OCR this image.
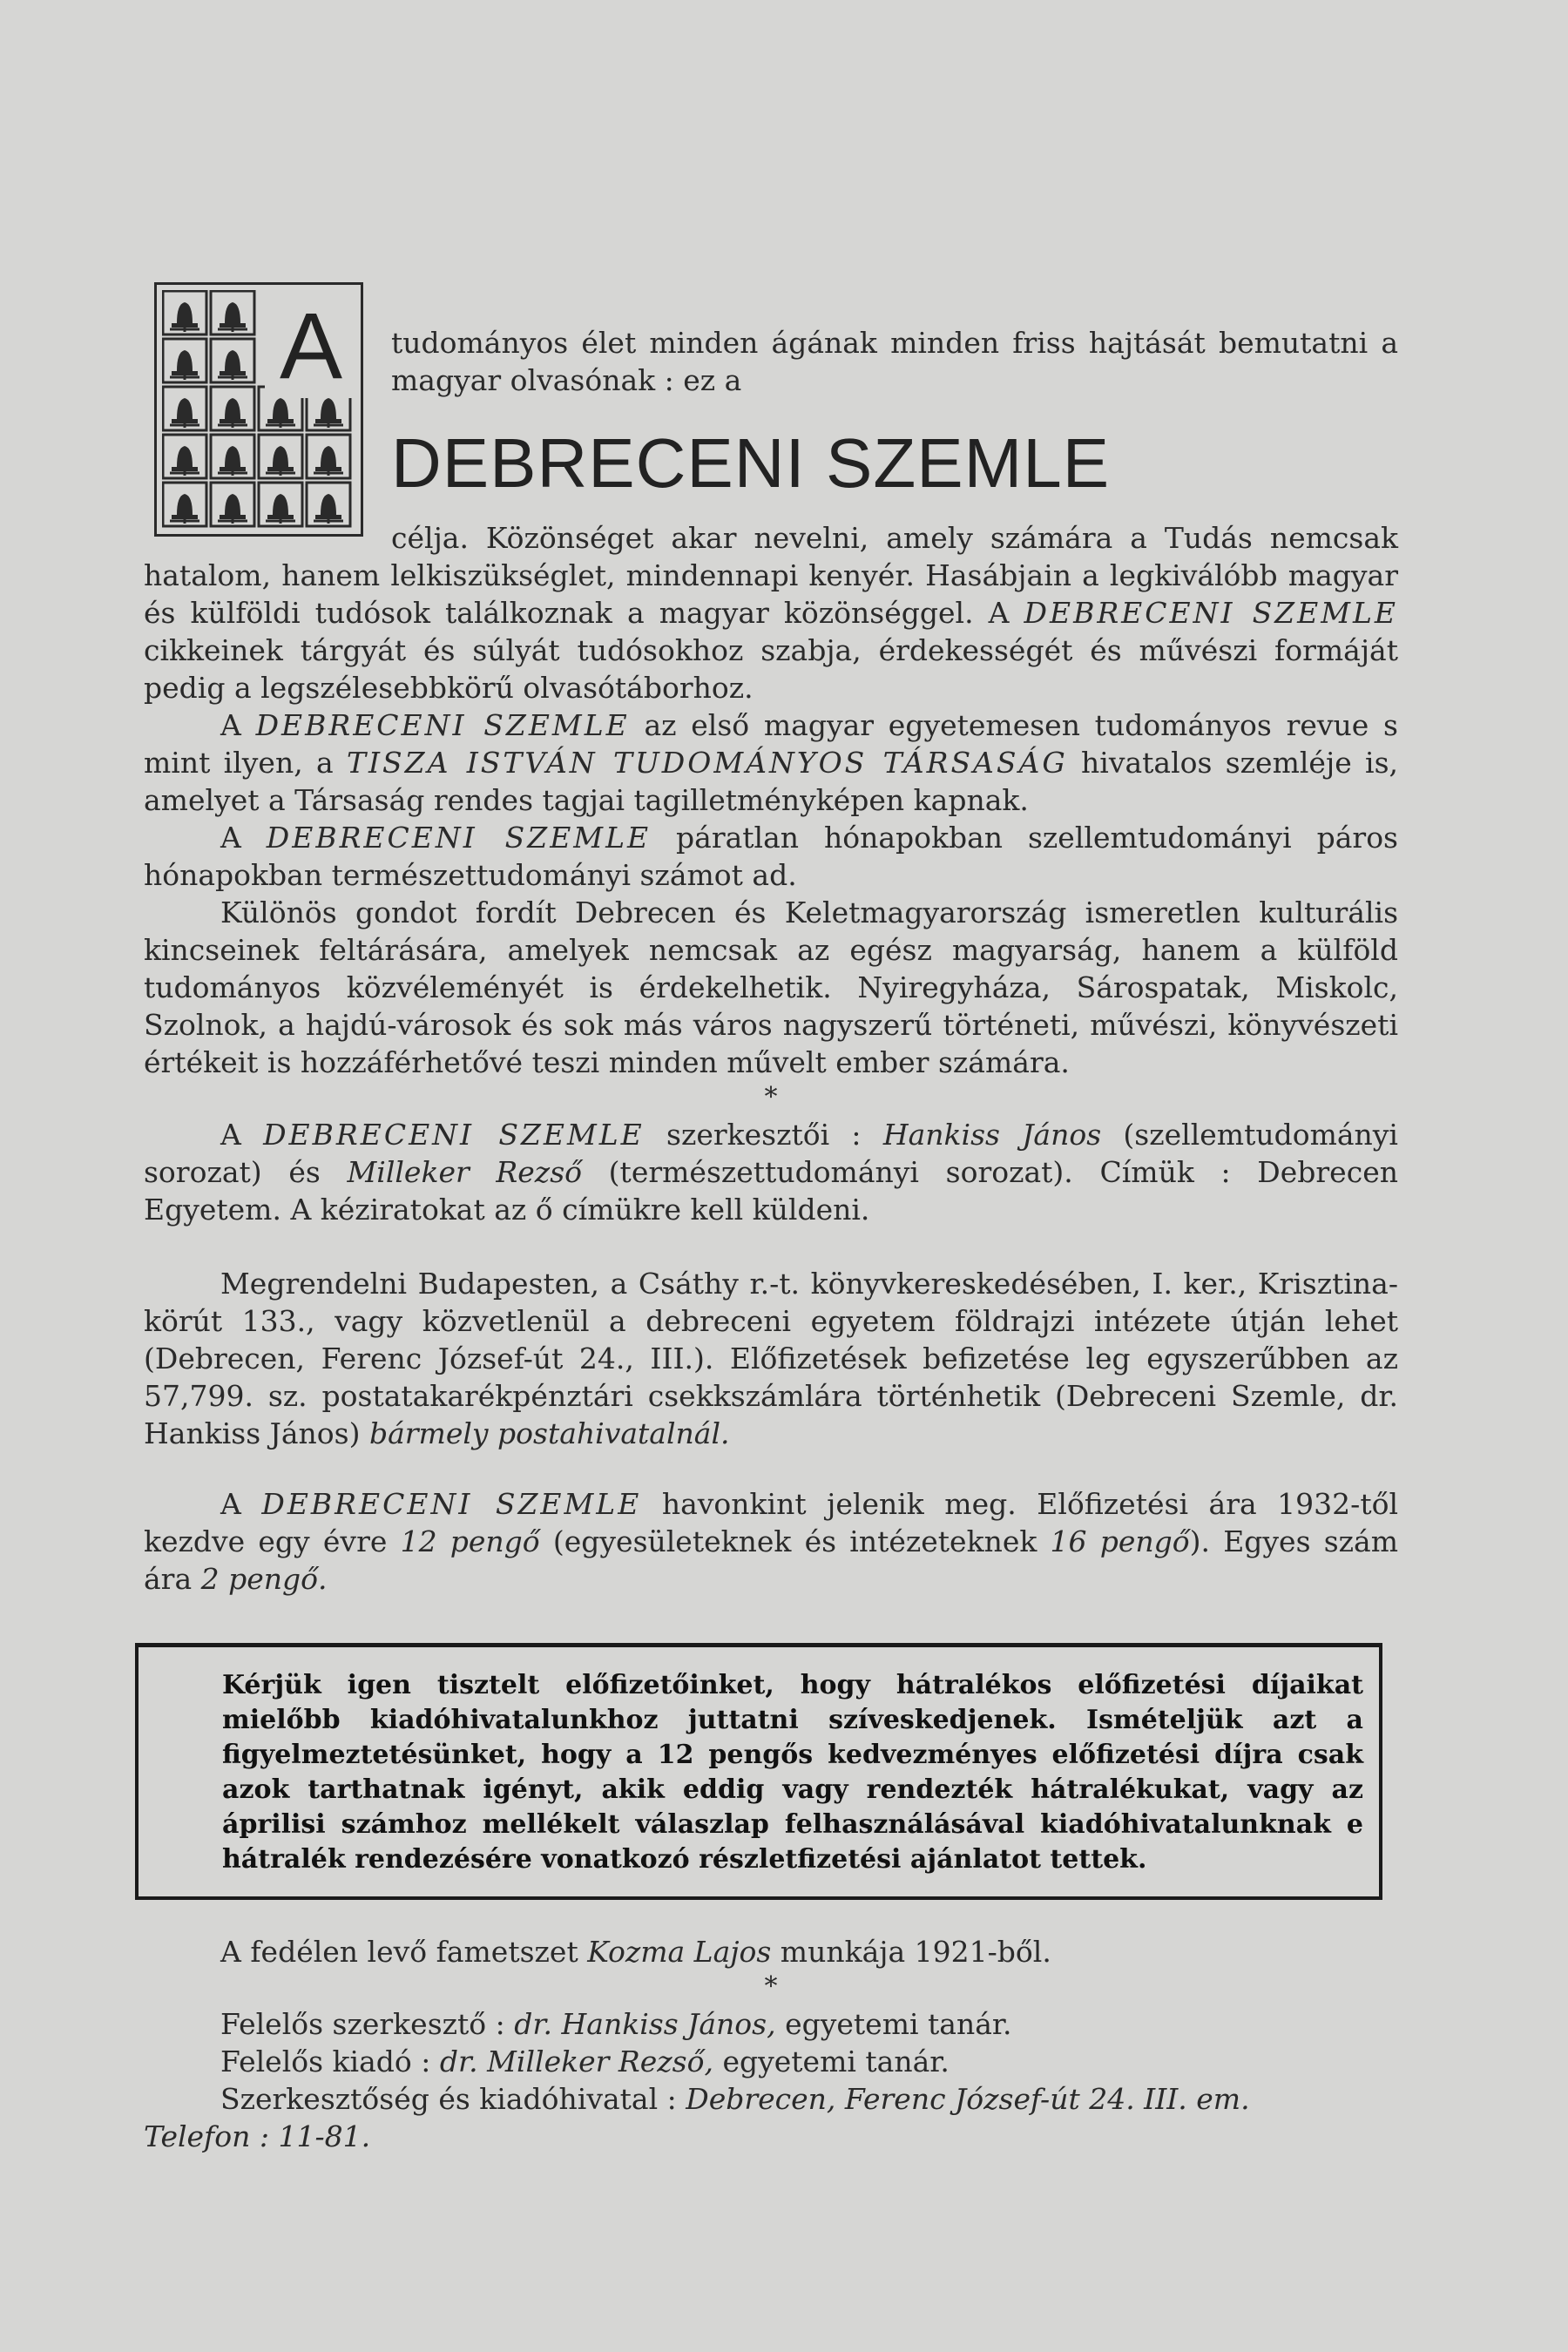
A	tudományos élet minden ágának minden friss hajtását bemutatni a magyar olvasónak : ez a

DEBRECENI SZEMLE

célja. Közönséget akar nevelni, amely számára a Tudás nemcsak hatalom, hanem lelkiszükséglet, mindennapi kenyér. Hasábjain a legkiválóbb magyar és külföldi tudósok találkoznak a magyar közönséggel. A DEBRECENI SZEMLE cikkeinek tárgyát és súlyát tudósokhoz szabja, érdekességét és művészi formáját pedig a legszélesebbkörű olvasótáborhoz.

A DEBRECENI SZEMLE az első magyar egyetemesen tudományos revue s mint ilyen, a TISZA ISTVÁN TUDOMÁNYOS TÁRSASÁG hivatalos szemléje is, amelyet a Társaság rendes tagjai tagilletményképen kapnak.

A DEBRECENI SZEMLE páratlan hónapokban szellemtudományi páros hónapokban természettudományi számot ad.

Különös gondot fordít Debrecen és Keletmagyarország ismeretlen kulturális kincseinek feltárására, amelyek nemcsak az egész magyarság, hanem a külföld tudományos közvéleményét is érdekelhetik. Nyiregyháza, Sárospatak, Miskolc, Szolnok, a hajdú-városok és sok más város nagyszerű történeti, művészi, könyvészeti értékeit is hozzáférhetővé teszi minden művelt ember számára.

*

A DEBRECENI SZEMLE szerkesztői : Hankiss János (szellemtudományi sorozat) és Milleker Rezső (természettudományi sorozat). Címük : Debrecen Egyetem. A kéziratokat az ő címükre kell küldeni.

Megrendelni Budapesten, a Csáthy r.-t. könyvkereskedésében, I. ker., Krisztina-körút 133., vagy közvetlenül a debreceni egyetem földrajzi intézete útján lehet (Debrecen, Ferenc József-út 24., III.). Előfizetések befizetése leg egyszerűbben az 57,799. sz. postatakarékpénztári csekkszámlára történhetik (Debreceni Szemle, dr. Hankiss János) bármely postahivatalnál.

A DEBRECENI SZEMLE havonkint jelenik meg. Előfizetési ára 1932-től kezdve egy évre 12 pengő (egyesületeknek és intézeteknek 16 pengő). Egyes szám ára 2 pengő.

Kérjük igen tisztelt előfizetőinket, hogy hátralékos előfizetési díjaikat mielőbb kiadóhivatalunkhoz juttatni szíveskedjenek. Ismételjük azt a figyelmeztetésünket, hogy a 12 pengős kedvezményes előfizetési díjra csak azok tarthatnak igényt, akik eddig vagy rendezték hátralékukat, vagy az áprilisi számhoz mellékelt válaszlap felhasználásával kiadóhivatalunknak e hátralék rendezésére vonatkozó részletfizetési ajánlatot tettek.

A fedélen levő fametszet Kozma Lajos munkája 1921-ből.

*

Felelős szerkesztő : dr. Hankiss János, egyetemi tanár.

Felelős kiadó : dr. Milleker Rezső, egyetemi tanár.

Szerkesztőség és kiadóhivatal : Debrecen, Ferenc József-út 24. III. em.

Telefon : 11-81.
